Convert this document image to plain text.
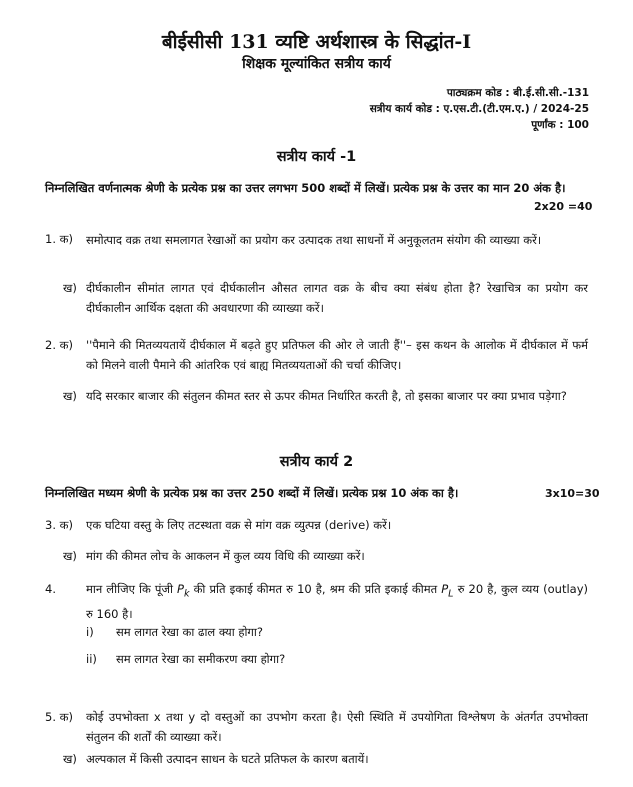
बीईसीसी 131 व्यष्टि अर्थशास्त्र के सिद्धांत-I
शिक्षक मूल्यांकित सत्रीय कार्य
पाठ्यक्रम कोड : बी.ई.सी.सी.-131
सत्रीय कार्य कोड : ए.एस.टी.(टी.एम.ए.) / 2024-25
पूर्णांक : 100
सत्रीय कार्य -1
निम्नलिखित वर्णनात्मक श्रेणी के प्रत्येक प्रश्न का उत्तर लगभग 500 शब्दों में लिखें। प्रत्येक प्रश्न के उत्तर का मान 20 अंक है।
2x20 =40
1. क) समोत्पाद वक्र तथा समलागत रेखाओं का प्रयोग कर उत्पादक तथा साधनों में अनुकूलतम संयोग की व्याख्या करें।
ख) दीर्घकालीन सीमांत लागत एवं दीर्घकालीन औसत लागत वक्र के बीच क्या संबंध होता है? रेखाचित्र का प्रयोग कर दीर्घकालीन आर्थिक दक्षता की अवधारणा की व्याख्या करें।
2. क) ''पैमाने की मितव्ययतायें दीर्घकाल में बढ़ते हुए प्रतिफल की ओर ले जाती हैं''– इस कथन के आलोक में दीर्घकाल में फर्म को मिलने वाली पैमाने की आंतरिक एवं बाह्य मितव्ययताओं की चर्चा कीजिए।
ख) यदि सरकार बाजार की संतुलन कीमत स्तर से ऊपर कीमत निर्धारित करती है, तो इसका बाजार पर क्या प्रभाव पड़ेगा?
सत्रीय कार्य 2
निम्नलिखित मध्यम श्रेणी के प्रत्येक प्रश्न का उत्तर 250 शब्दों में लिखें। प्रत्येक प्रश्न 10 अंक का है।	3x10=30
3. क) एक घटिया वस्तु के लिए तटस्थता वक्र से मांग वक्र व्युत्पन्न (derive) करें।
ख) मांग की कीमत लोच के आकलन में कुल व्यय विधि की व्याख्या करें।
4.	मान लीजिए कि पूंजी $P_k$ की प्रति इकाई कीमत रु 10 है, श्रम की प्रति इकाई कीमत $P_L$ रु 20 है, कुल व्यय (outlay) रु 160 है।
i) सम लागत रेखा का ढाल क्या होगा?
ii) सम लागत रेखा का समीकरण क्या होगा?
5. क) कोई उपभोक्ता x तथा y दो वस्तुओं का उपभोग करता है। ऐसी स्थिति में उपयोगिता विश्लेषण के अंतर्गत उपभोक्ता संतुलन की शर्तों की व्याख्या करें।
ख) अल्पकाल में किसी उत्पादन साधन के घटते प्रतिफल के कारण बतायें।
